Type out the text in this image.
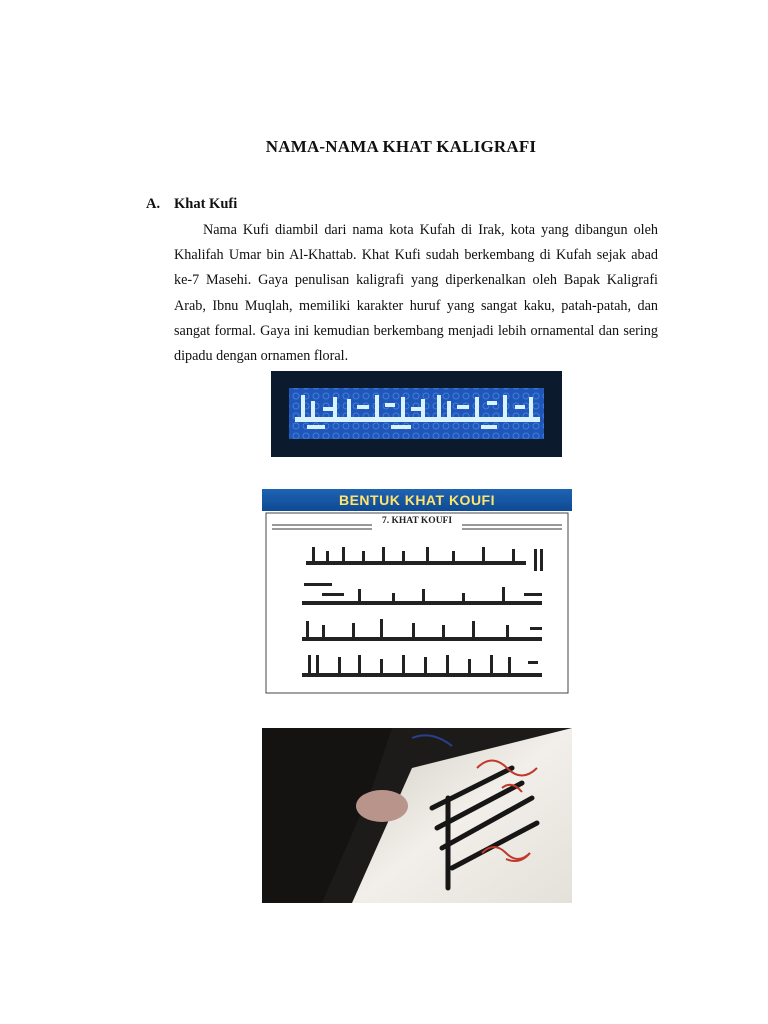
NAMA-NAMA KHAT KALIGRAFI
A. Khat Kufi

Nama Kufi diambil dari nama kota Kufah di Irak, kota yang dibangun oleh Khalifah Umar bin Al-Khattab. Khat Kufi sudah berkembang di Kufah sejak abad ke-7 Masehi. Gaya penulisan kaligrafi yang diperkenalkan oleh Bapak Kaligrafi Arab, Ibnu Muqlah, memiliki karakter huruf yang sangat kaku, patah-patah, dan sangat formal. Gaya ini kemudian berkembang menjadi lebih ornamental dan sering dipadu dengan ornamen floral.

BENTUK KHAT KOUFI
7. KHAT KOUFI
